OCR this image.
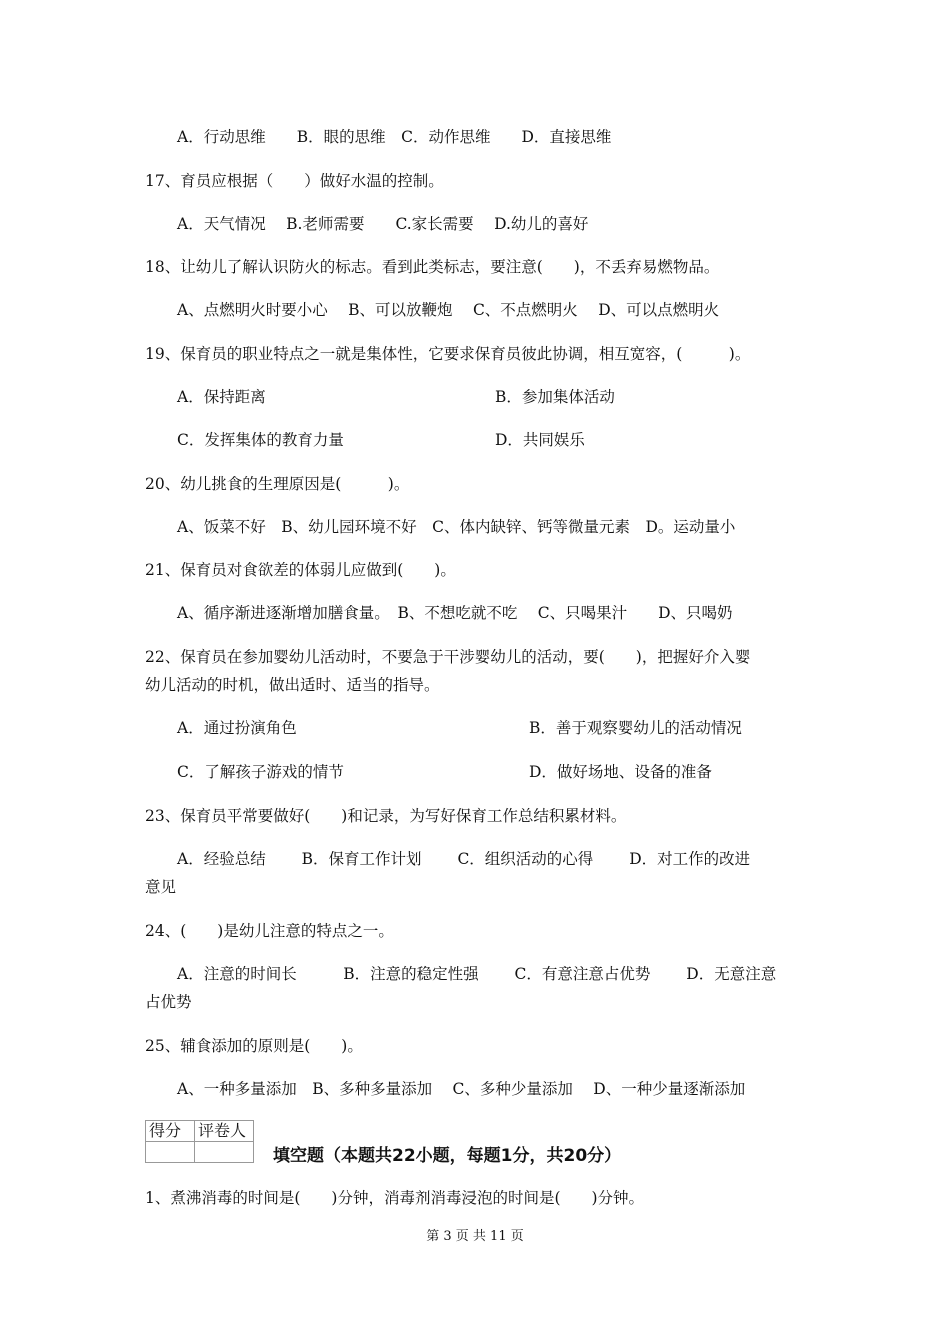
A．行动思维　　B．眼的思维　C．动作思维　　D．直接思维
17、育员应根据（　　）做好水温的控制。
A．天气情况　 B.老师需要　　C.家长需要　 D.幼儿的喜好
18、让幼儿了解认识防火的标志。看到此类标志，要注意(　　)，不丢弃易燃物品。
A、点燃明火时要小心　 B、可以放鞭炮　 C、不点燃明火　 D、可以点燃明火
19、保育员的职业特点之一就是集体性，它要求保育员彼此协调，相互宽容，(　　　)。
A．保持距离	B．参加集体活动
C．发挥集体的教育力量	D．共同娱乐
20、幼儿挑食的生理原因是(　　　)。
A、饭菜不好　B、幼儿园环境不好　C、体内缺锌、钙等微量元素　D。运动量小
21、保育员对食欲差的体弱儿应做到(　　)。
A、循序渐进逐渐增加膳食量。　B、不想吃就不吃　 C、只喝果汁　　D、只喝奶
22、保育员在参加婴幼儿活动时，不要急于干涉婴幼儿的活动，要(　　)，把握好介入婴
幼儿活动的时机，做出适时、适当的指导。
A．通过扮演角色	B．善于观察婴幼儿的活动情况
C．了解孩子游戏的情节	D．做好场地、设备的准备
23、保育员平常要做好(　　)和记录，为写好保育工作总结积累材料。
A．经验总结　　 B．保育工作计划　　 C．组织活动的心得　　 D．对工作的改进
意见
24、(　　)是幼儿注意的特点之一。
A．注意的时间长　　　B．注意的稳定性强　　 C．有意注意占优势　　 D．无意注意
占优势
25、辅食添加的原则是(　　)。
A、一种多量添加　B、多种多量添加　 C、多种少量添加　 D、一种少量逐渐添加
得分	评卷人

填空题（本题共22小题，每题1分，共20分）
1、煮沸消毒的时间是(　　)分钟，消毒剂消毒浸泡的时间是(　　)分钟。
第 3 页 共 11 页
